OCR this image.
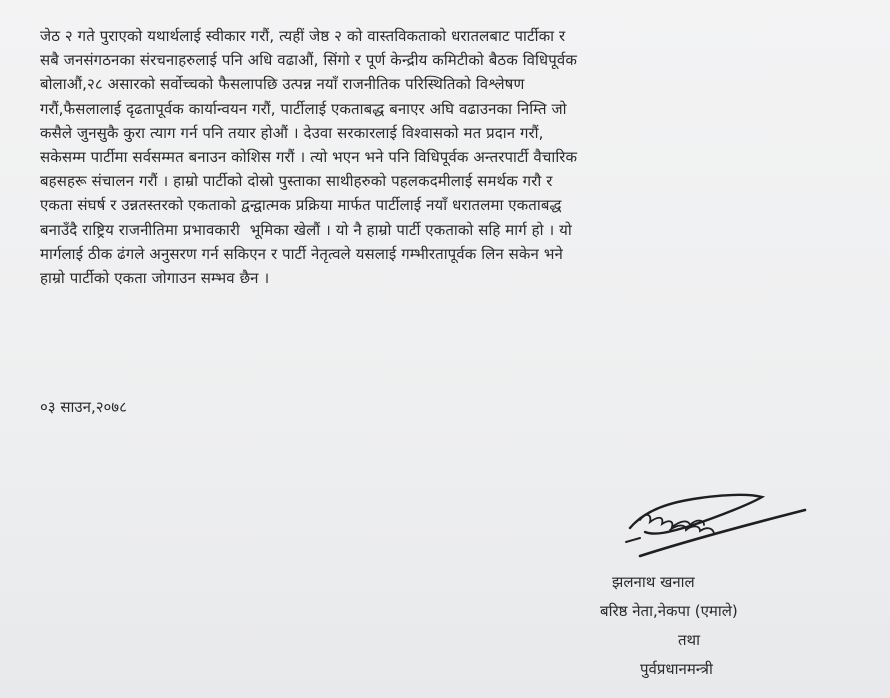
जेठ २ गते पुराएको यथार्थलाई स्वीकार गरौं, त्यहीं जेष्ठ २ को वास्तविकताको धरातलबाट पार्टीका र
सबै जनसंगठनका संरचनाहरुलाई पनि अधि वढाऔं, सिंगो र पूर्ण केन्द्रीय कमिटीको बैठक विधिपूर्वक
बोलाऔं,२८ असारको सर्वोच्चको फैसलापछि उत्पन्न नयाँ राजनीतिक परिस्थितिको विश्लेषण
गरौं,फैसलालाई दृढतापूर्वक कार्यान्वयन गरौं, पार्टीलाई एकताबद्ध बनाएर अघि वढाउनका निम्ति जो
कसैले जुनसुकै कुरा त्याग गर्न पनि तयार होऔं । देउवा सरकारलाई विश्वासको मत प्रदान गरौं,
सकेसम्म पार्टीमा सर्वसम्मत बनाउन कोशिस गरौं । त्यो भएन भने पनि विधिपूर्वक अन्तरपार्टी वैचारिक
बहसहरू संचालन गरौं । हाम्रो पार्टीको दोस्रो पुस्ताका साथीहरुको पहलकदमीलाई समर्थक गरौ र
एकता संघर्ष र उन्नतस्तरको एकताको द्वन्द्वात्मक प्रक्रिया मार्फत पार्टीलाई नयाँ धरातलमा एकताबद्ध
बनाउँदै राष्ट्रिय राजनीतिमा प्रभावकारी  भूमिका खेलौं । यो नै हाम्रो पार्टी एकताको सहि मार्ग हो । यो
मार्गलाई ठीक ढंगले अनुसरण गर्न सकिएन र पार्टी नेतृत्वले यसलाई गम्भीरतापूर्वक लिन सकेन भने
हाम्रो पार्टीको एकता जोगाउन सम्भव छैन ।
०३ साउन,२०७८
झलनाथ खनाल
बरिष्ठ नेता,नेकपा (एमाले)
तथा
पुर्वप्रधानमन्त्री
